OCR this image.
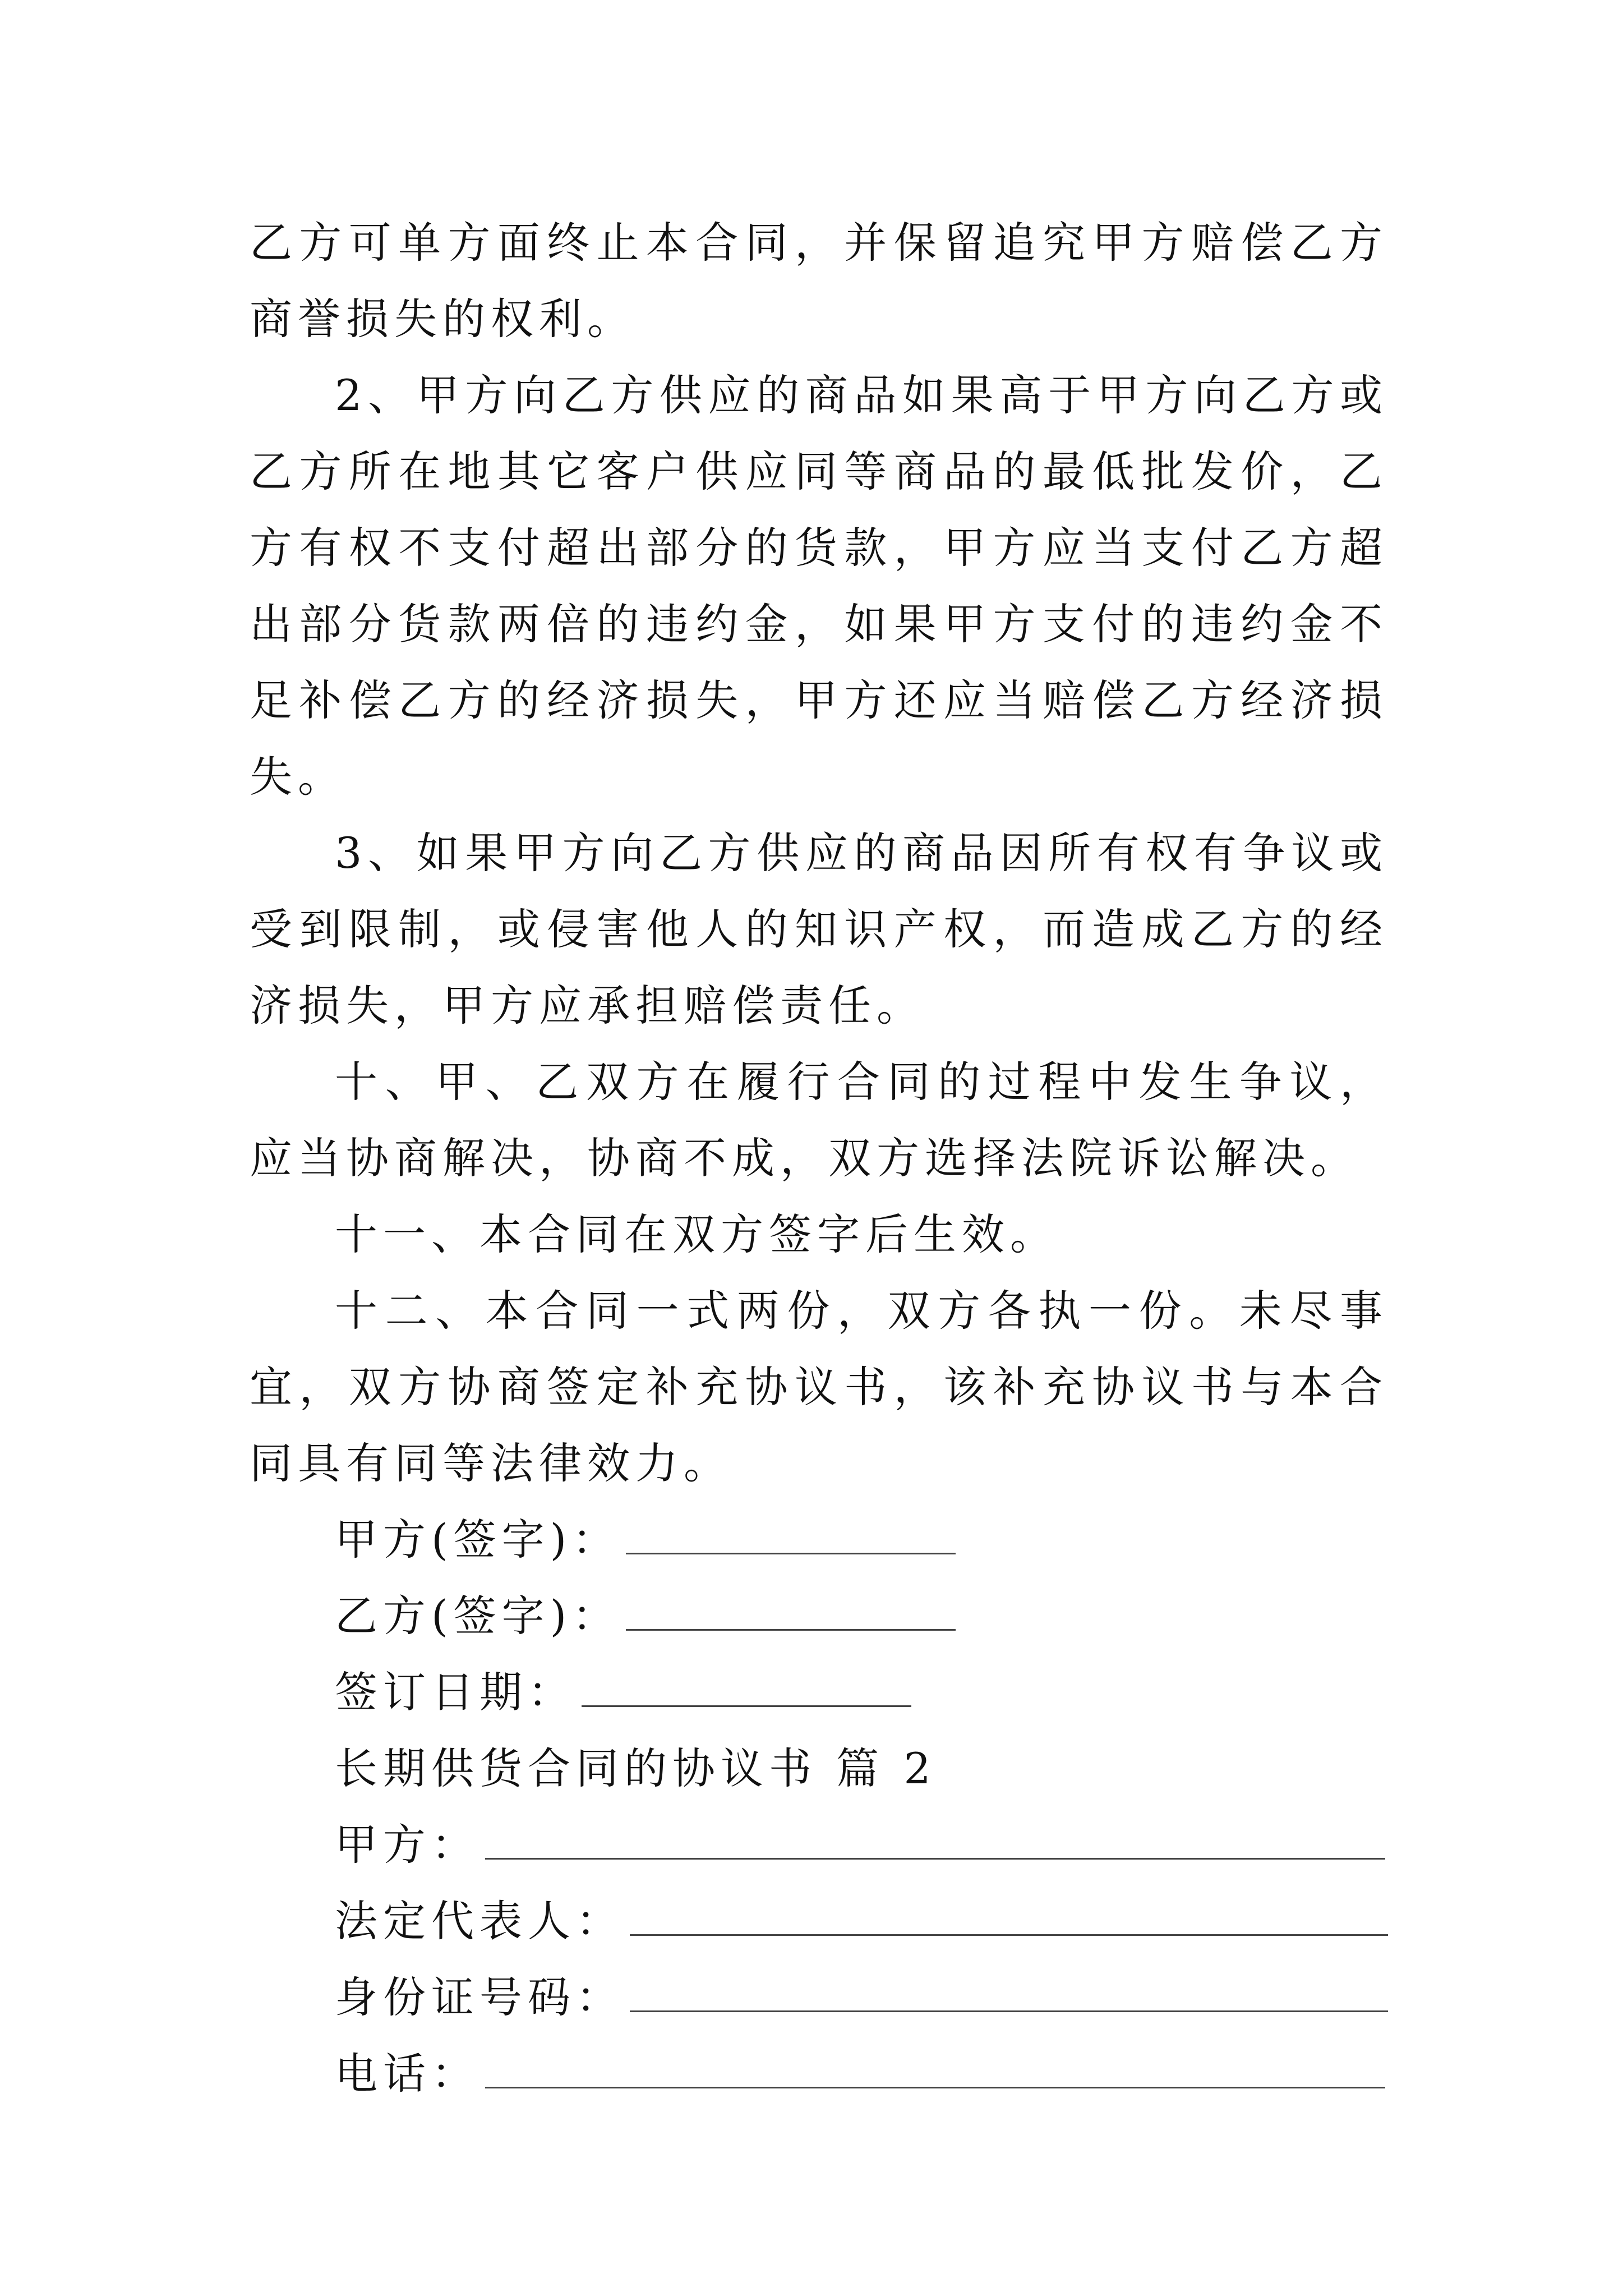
乙方可单方面终止本合同，并保留追究甲方赔偿乙方商誉损失的权利。

2、甲方向乙方供应的商品如果高于甲方向乙方或乙方所在地其它客户供应同等商品的最低批发价，乙方有权不支付超出部分的货款，甲方应当支付乙方超出部分货款两倍的违约金，如果甲方支付的违约金不足补偿乙方的经济损失，甲方还应当赔偿乙方经济损失。

3、如果甲方向乙方供应的商品因所有权有争议或受到限制，或侵害他人的知识产权，而造成乙方的经济损失，甲方应承担赔偿责任。

十、甲、乙双方在履行合同的过程中发生争议，应当协商解决，协商不成，双方选择法院诉讼解决。

十一、本合同在双方签字后生效。

十二、本合同一式两份，双方各执一份。未尽事宜，双方协商签定补充协议书，该补充协议书与本合同具有同等法律效力。

甲方(签字)：
乙方(签字)：
签订日期：
长期供货合同的协议书 篇 2
甲方：
法定代表人：
身份证号码：
电话：
